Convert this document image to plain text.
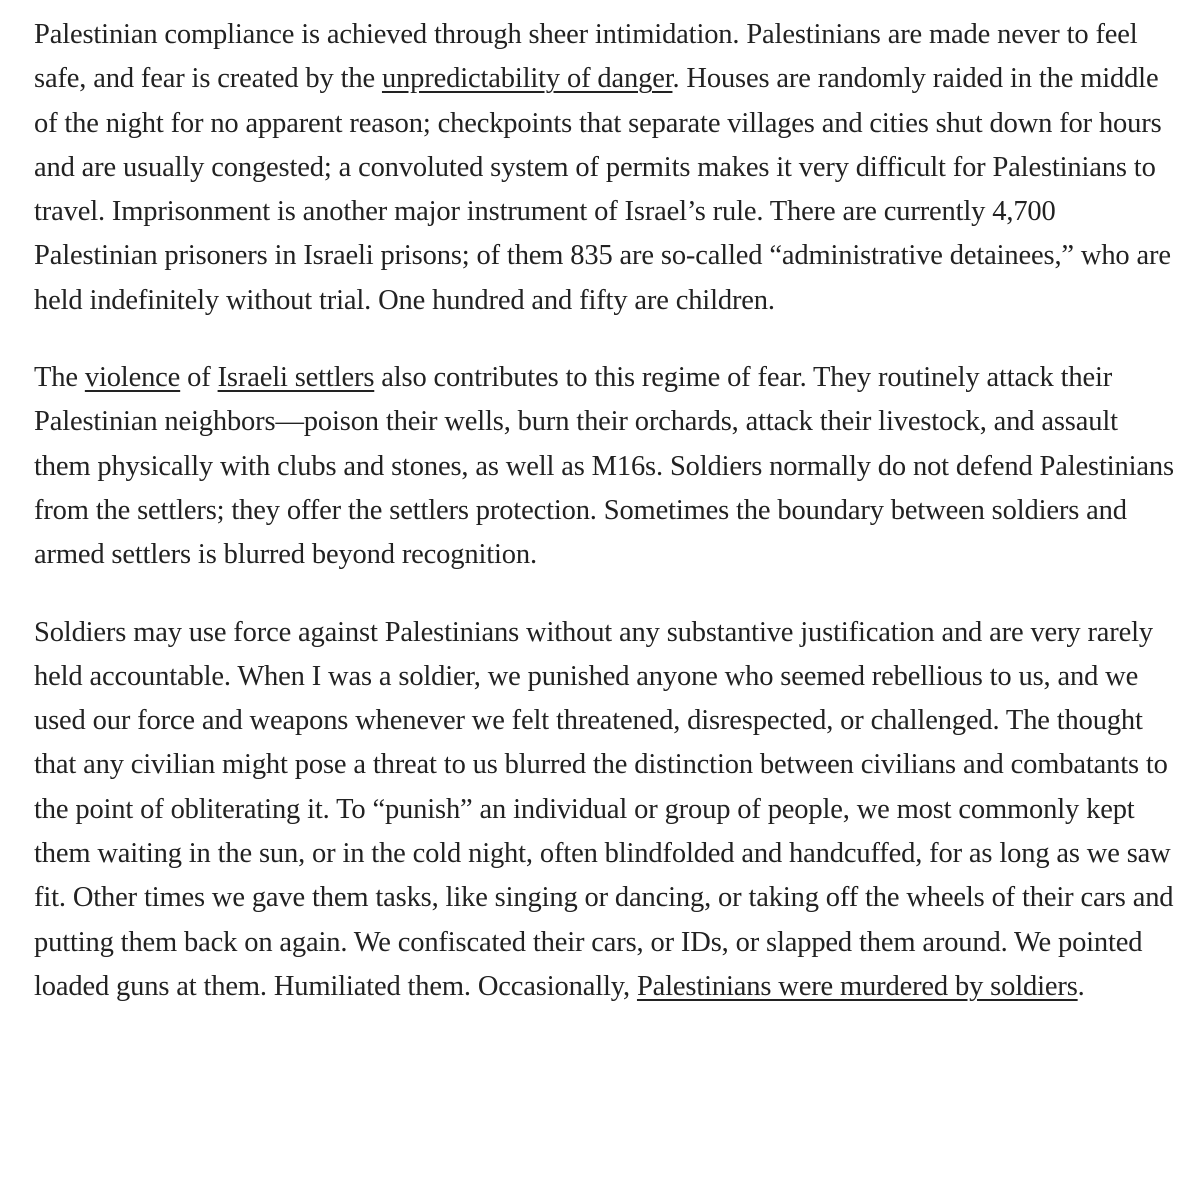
Palestinian compliance is achieved through sheer intimidation. Palestinians are made never to feel safe, and fear is created by the unpredictability of danger. Houses are randomly raided in the middle of the night for no apparent reason; checkpoints that separate villages and cities shut down for hours and are usually congested; a convoluted system of permits makes it very difficult for Palestinians to travel. Imprisonment is another major instrument of Israel’s rule. There are currently 4,700 Palestinian prisoners in Israeli prisons; of them 835 are so-called “administrative detainees,” who are held indefinitely without trial. One hundred and fifty are children.

The violence of Israeli settlers also contributes to this regime of fear. They routinely attack their Palestinian neighbors—poison their wells, burn their orchards, attack their livestock, and assault them physically with clubs and stones, as well as M16s. Soldiers normally do not defend Palestinians from the settlers; they offer the settlers protection. Sometimes the boundary between soldiers and armed settlers is blurred beyond recognition.

Soldiers may use force against Palestinians without any substantive justification and are very rarely held accountable. When I was a soldier, we punished anyone who seemed rebellious to us, and we used our force and weapons whenever we felt threatened, disrespected, or challenged. The thought that any civilian might pose a threat to us blurred the distinction between civilians and combatants to the point of obliterating it. To “punish” an individual or group of people, we most commonly kept them waiting in the sun, or in the cold night, often blindfolded and handcuffed, for as long as we saw fit. Other times we gave them tasks, like singing or dancing, or taking off the wheels of their cars and putting them back on again. We confiscated their cars, or IDs, or slapped them around. We pointed loaded guns at them. Humiliated them. Occasionally, Palestinians were murdered by soldiers.
